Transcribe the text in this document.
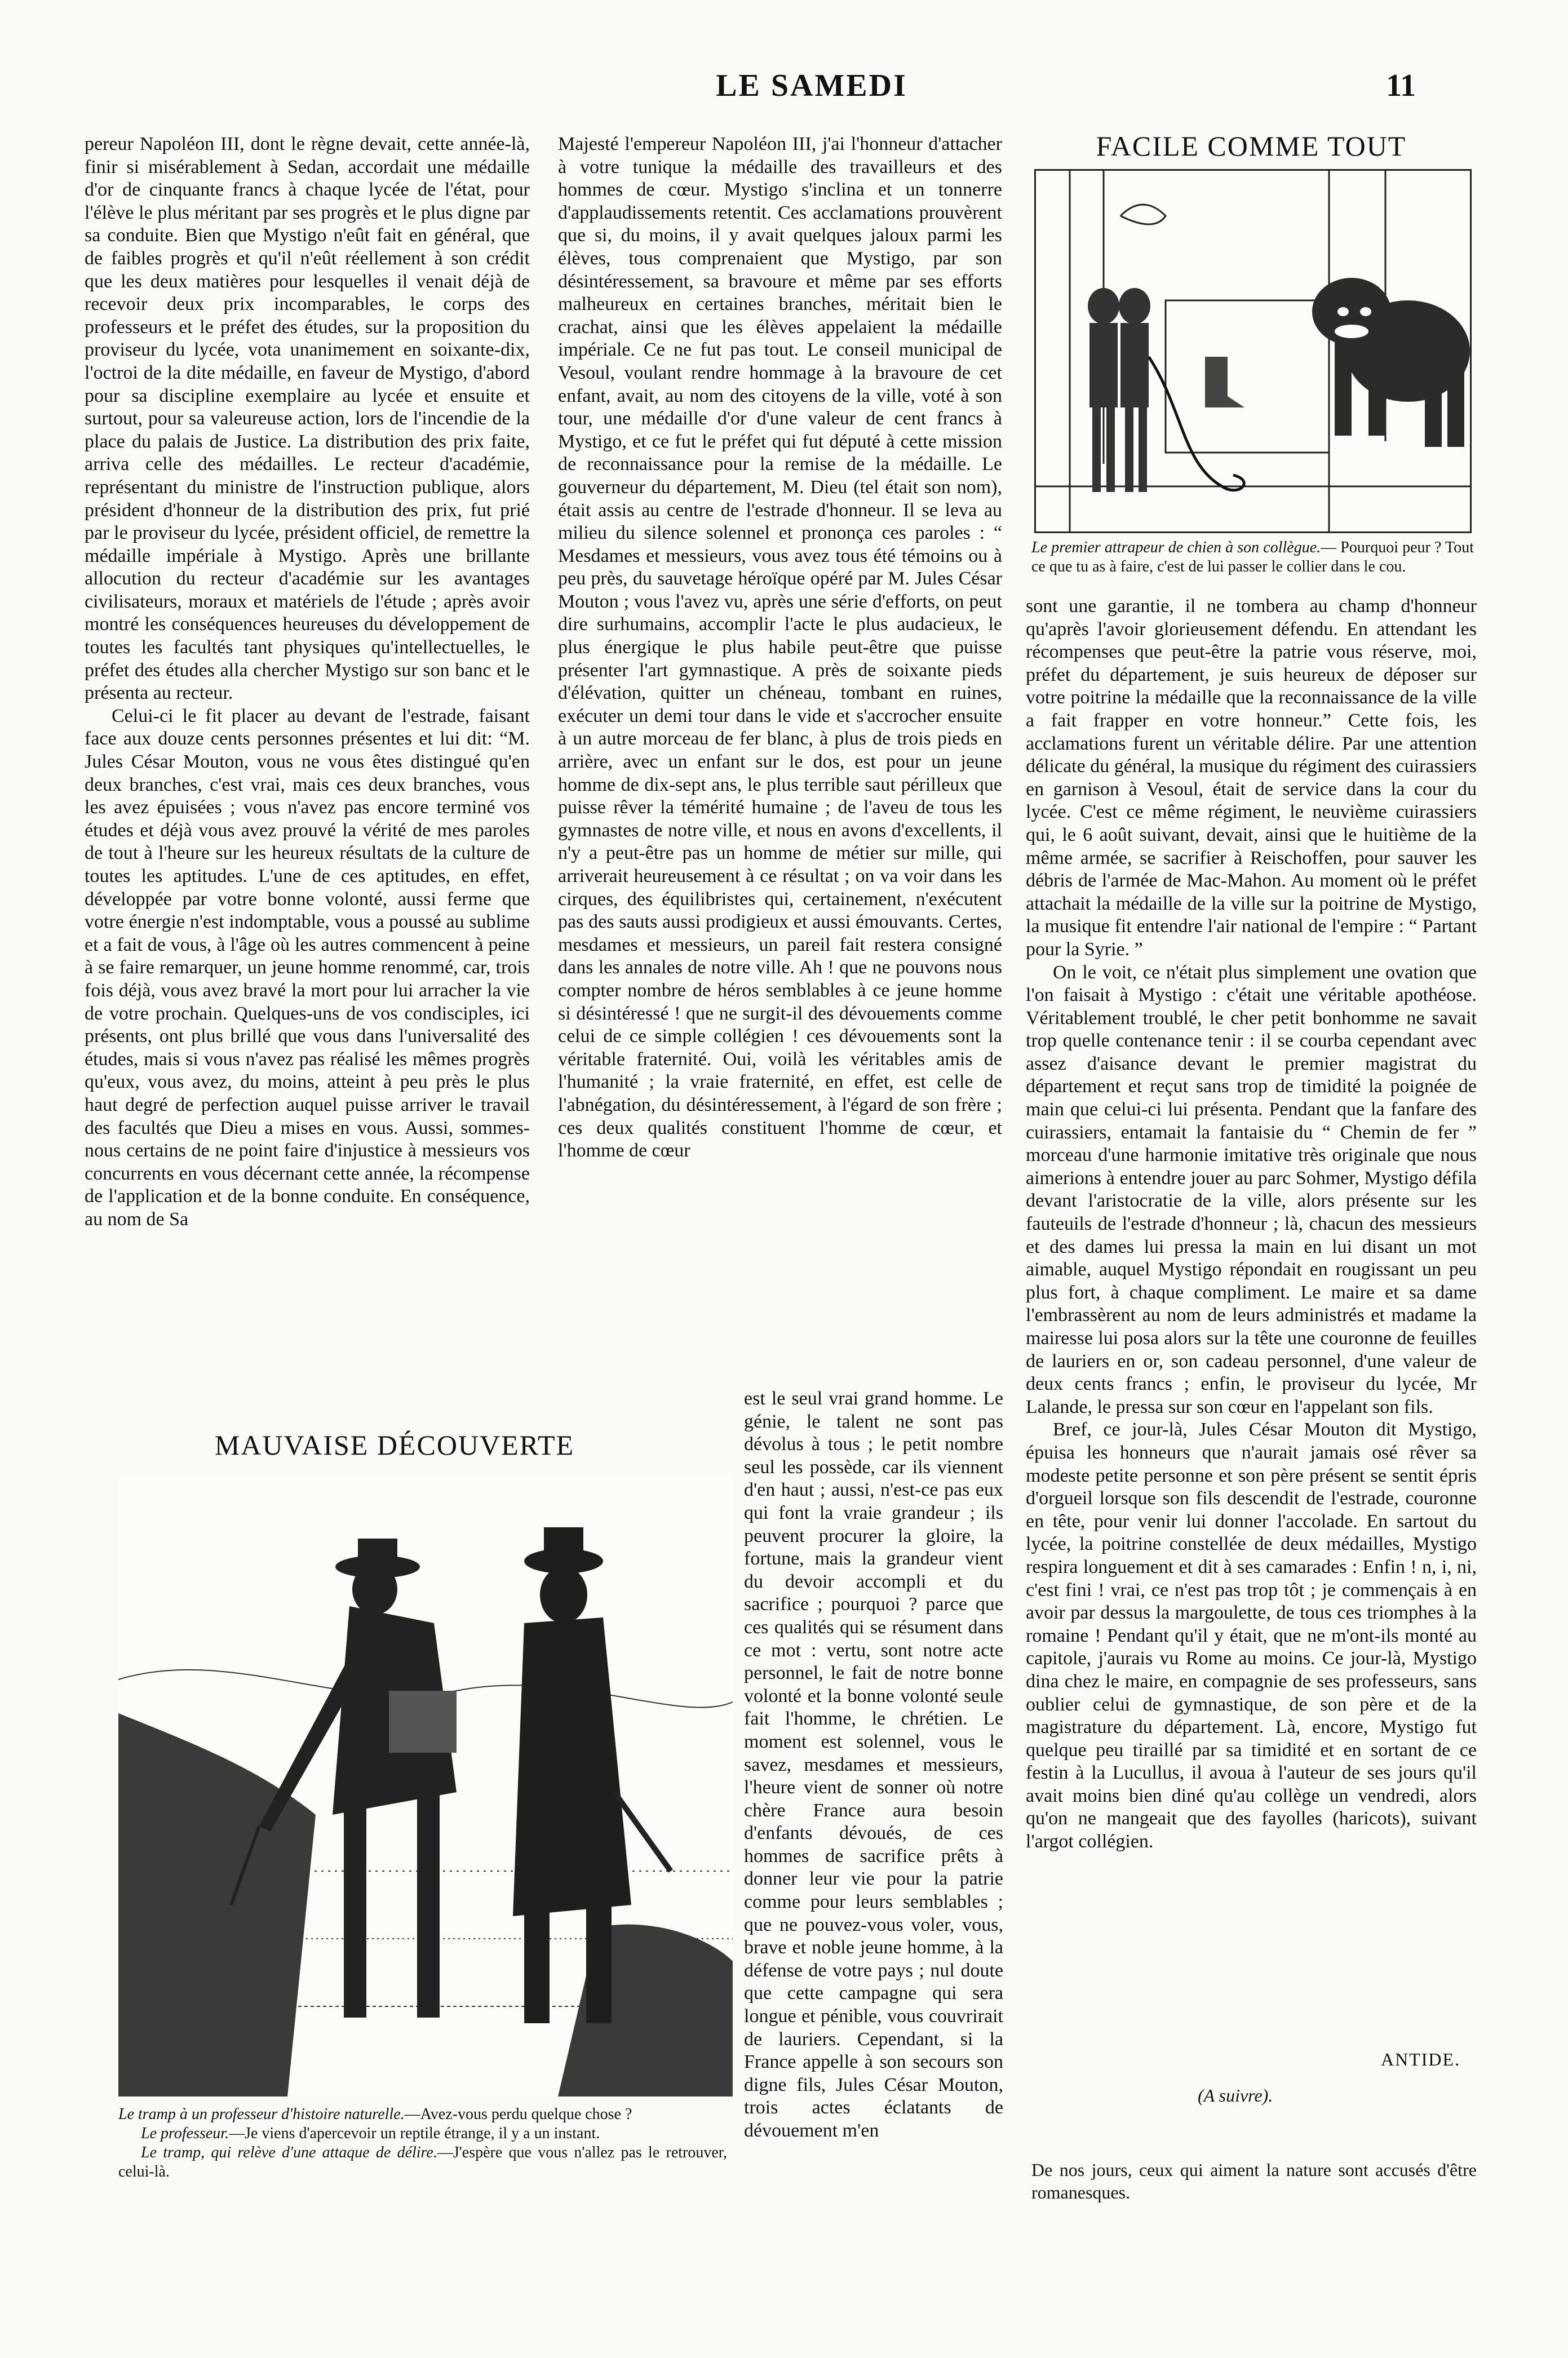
LE SAMEDI	11

pereur Napoléon III, dont le règne devait, cette année-là, finir si misérablement à Sedan, accordait une médaille d'or de cinquante francs à chaque lycée de l'état, pour l'élève le plus méritant par ses progrès et le plus digne par sa conduite. Bien que Mystigo n'eût fait en général, que de faibles progrès et qu'il n'eût réellement à son crédit que les deux matières pour lesquelles il venait déjà de recevoir deux prix incomparables, le corps des professeurs et le préfet des études, sur la proposition du proviseur du lycée, vota unanimement en soixante-dix, l'octroi de la dite médaille, en faveur de Mystigo, d'abord pour sa discipline exemplaire au lycée et ensuite et surtout, pour sa valeureuse action, lors de l'incendie de la place du palais de Justice. La distribution des prix faite, arriva celle des médailles. Le recteur d'académie, représentant du ministre de l'instruction publique, alors président d'honneur de la distribution des prix, fut prié par le proviseur du lycée, président officiel, de remettre la médaille impériale à Mystigo. Après une brillante allocution du recteur d'académie sur les avantages civilisateurs, moraux et matériels de l'étude ; après avoir montré les conséquences heureuses du développement de toutes les facultés tant physiques qu'intellectuelles, le préfet des études alla chercher Mystigo sur son banc et le présenta au recteur.

Celui-ci le fit placer au devant de l'estrade, faisant face aux douze cents personnes présentes et lui dit: “M. Jules César Mouton, vous ne vous êtes distingué qu'en deux branches, c'est vrai, mais ces deux branches, vous les avez épuisées ; vous n'avez pas encore terminé vos études et déjà vous avez prouvé la vérité de mes paroles de tout à l'heure sur les heureux résultats de la culture de toutes les aptitudes. L'une de ces aptitudes, en effet, développée par votre bonne volonté, aussi ferme que votre énergie n'est indomptable, vous a poussé au sublime et a fait de vous, à l'âge où les autres commencent à peine à se faire remarquer, un jeune homme renommé, car, trois fois déjà, vous avez bravé la mort pour lui arracher la vie de votre prochain. Quelques-uns de vos condisciples, ici présents, ont plus brillé que vous dans l'universalité des études, mais si vous n'avez pas réalisé les mêmes progrès qu'eux, vous avez, du moins, atteint à peu près le plus haut degré de perfection auquel puisse arriver le travail des facultés que Dieu a mises en vous. Aussi, sommes-nous certains de ne point faire d'injustice à messieurs vos concurrents en vous décernant cette année, la récompense de l'application et de la bonne conduite. En conséquence, au nom de Sa

Majesté l'empereur Napoléon III, j'ai l'honneur d'attacher à votre tunique la médaille des travailleurs et des hommes de cœur. Mystigo s'inclina et un tonnerre d'applaudissements retentit. Ces acclamations prouvèrent que si, du moins, il y avait quelques jaloux parmi les élèves, tous comprenaient que Mystigo, par son désintéressement, sa bravoure et même par ses efforts malheureux en certaines branches, méritait bien le crachat, ainsi que les élèves appelaient la médaille impériale. Ce ne fut pas tout. Le conseil municipal de Vesoul, voulant rendre hommage à la bravoure de cet enfant, avait, au nom des citoyens de la ville, voté à son tour, une médaille d'or d'une valeur de cent francs à Mystigo, et ce fut le préfet qui fut député à cette mission de reconnaissance pour la remise de la médaille. Le gouverneur du département, M. Dieu (tel était son nom), était assis au centre de l'estrade d'honneur. Il se leva au milieu du silence solennel et prononça ces paroles : “ Mesdames et messieurs, vous avez tous été témoins ou à peu près, du sauvetage héroïque opéré par M. Jules César Mouton ; vous l'avez vu, après une série d'efforts, on peut dire surhumains, accomplir l'acte le plus audacieux, le plus énergique le plus habile peut-être que puisse présenter l'art gymnastique. A près de soixante pieds d'élévation, quitter un chéneau, tombant en ruines, exécuter un demi tour dans le vide et s'accrocher ensuite à un autre morceau de fer blanc, à plus de trois pieds en arrière, avec un enfant sur le dos, est pour un jeune homme de dix-sept ans, le plus terrible saut périlleux que puisse rêver la témérité humaine ; de l'aveu de tous les gymnastes de notre ville, et nous en avons d'excellents, il n'y a peut-être pas un homme de métier sur mille, qui arriverait heureusement à ce résultat ; on va voir dans les cirques, des équilibristes qui, certainement, n'exécutent pas des sauts aussi prodigieux et aussi émouvants. Certes, mesdames et messieurs, un pareil fait restera consigné dans les annales de notre ville. Ah ! que ne pouvons nous compter nombre de héros semblables à ce jeune homme si désintéressé ! que ne surgit-il des dévouements comme celui de ce simple collégien ! ces dévouements sont la véritable fraternité. Oui, voilà les véritables amis de l'humanité ; la vraie fraternité, en effet, est celle de l'abnégation, du désintéressement, à l'égard de son frère ; ces deux qualités constituent l'homme de cœur, et l'homme de cœur

est le seul vrai grand homme. Le génie, le talent ne sont pas dévolus à tous ; le petit nombre seul les possède, car ils viennent d'en haut ; aussi, n'est-ce pas eux qui font la vraie grandeur ; ils peuvent procurer la gloire, la fortune, mais la grandeur vient du devoir accompli et du sacrifice ; pourquoi ? parce que ces qualités qui se résument dans ce mot : vertu, sont notre acte personnel, le fait de notre bonne volonté et la bonne volonté seule fait l'homme, le chrétien. Le moment est solennel, vous le savez, mesdames et messieurs, l'heure vient de sonner où notre chère France aura besoin d'enfants dévoués, de ces hommes de sacrifice prêts à donner leur vie pour la patrie comme pour leurs semblables ; que ne pouvez-vous voler, vous, brave et noble jeune homme, à la défense de votre pays ; nul doute que cette campagne qui sera longue et pénible, vous couvrirait de lauriers. Cependant, si la France appelle à son secours son digne fils, Jules César Mouton, trois actes éclatants de dévouement m'en

FACILE COMME TOUT
Le premier attrapeur de chien à son collègue.— Pourquoi peur ? Tout ce que tu as à faire, c'est de lui passer le collier dans le cou.

sont une garantie, il ne tombera au champ d'honneur qu'après l'avoir glorieusement défendu. En attendant les récompenses que peut-être la patrie vous réserve, moi, préfet du département, je suis heureux de déposer sur votre poitrine la médaille que la reconnaissance de la ville a fait frapper en votre honneur.” Cette fois, les acclamations furent un véritable délire. Par une attention délicate du général, la musique du régiment des cuirassiers en garnison à Vesoul, était de service dans la cour du lycée. C'est ce même régiment, le neuvième cuirassiers qui, le 6 août suivant, devait, ainsi que le huitième de la même armée, se sacrifier à Reischoffen, pour sauver les débris de l'armée de Mac-Mahon. Au moment où le préfet attachait la médaille de la ville sur la poitrine de Mystigo, la musique fit entendre l'air national de l'empire : “ Partant pour la Syrie. ”

On le voit, ce n'était plus simplement une ovation que l'on faisait à Mystigo : c'était une véritable apothéose. Véritablement troublé, le cher petit bonhomme ne savait trop quelle contenance tenir : il se courba cependant avec assez d'aisance devant le premier magistrat du département et reçut sans trop de timidité la poignée de main que celui-ci lui présenta. Pendant que la fanfare des cuirassiers, entamait la fantaisie du “ Chemin de fer ” morceau d'une harmonie imitative très originale que nous aimerions à entendre jouer au parc Sohmer, Mystigo défila devant l'aristocratie de la ville, alors présente sur les fauteuils de l'estrade d'honneur ; là, chacun des messieurs et des dames lui pressa la main en lui disant un mot aimable, auquel Mystigo répondait en rougissant un peu plus fort, à chaque compliment. Le maire et sa dame l'embrassèrent au nom de leurs administrés et madame la mairesse lui posa alors sur la tête une couronne de feuilles de lauriers en or, son cadeau personnel, d'une valeur de deux cents francs ; enfin, le proviseur du lycée, Mr Lalande, le pressa sur son cœur en l'appelant son fils.

Bref, ce jour-là, Jules César Mouton dit Mystigo, épuisa les honneurs que n'aurait jamais osé rêver sa modeste petite personne et son père présent se sentit épris d'orgueil lorsque son fils descendit de l'estrade, couronne en tête, pour venir lui donner l'accolade. En sartout du lycée, la poitrine constellée de deux médailles, Mystigo respira longuement et dit à ses camarades : Enfin ! n, i, ni, c'est fini ! vrai, ce n'est pas trop tôt ; je commençais à en avoir par dessus la margoulette, de tous ces triomphes à la romaine ! Pendant qu'il y était, que ne m'ont-ils monté au capitole, j'aurais vu Rome au moins. Ce jour-là, Mystigo dina chez le maire, en compagnie de ses professeurs, sans oublier celui de gymnastique, de son père et de la magistrature du département. Là, encore, Mystigo fut quelque peu tiraillé par sa timidité et en sortant de ce festin à la Lucullus, il avoua à l'auteur de ses jours qu'il avait moins bien diné qu'au collège un vendredi, alors qu'on ne mangeait que des fayolles (haricots), suivant l'argot collégien.

ANTIDE.
(A suivre).
De nos jours, ceux qui aiment la nature sont accusés d'être romanesques.
MAUVAISE DÉCOUVERTE
Le tramp à un professeur d'histoire naturelle.—Avez-vous perdu quelque chose ?
Le professeur.—Je viens d'apercevoir un reptile étrange, il y a un instant.
Le tramp, qui relève d'une attaque de délire.—J'espère que vous n'allez pas le retrouver, celui-là.
